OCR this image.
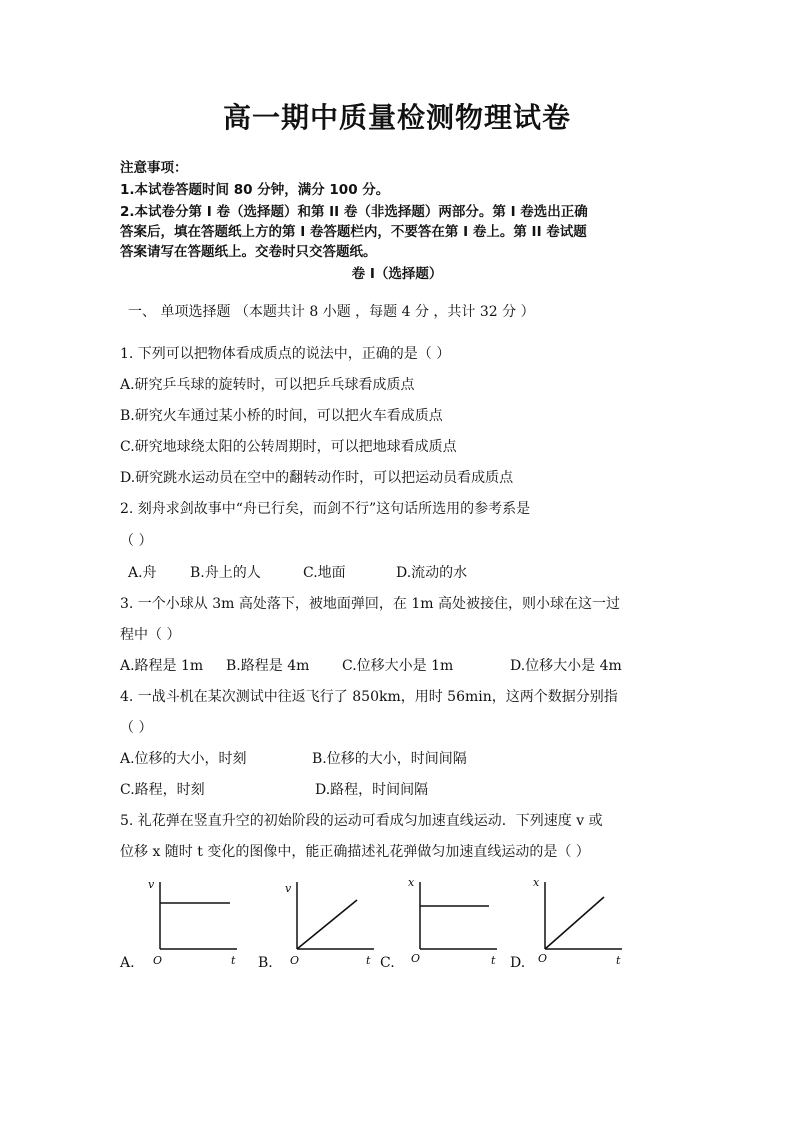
高一期中质量检测物理试卷
注意事项：
1.本试卷答题时间 80 分钟，满分 100 分。
2.本试卷分第 I 卷（选择题）和第 II 卷（非选择题）两部分。第 I 卷选出正确
答案后，填在答题纸上方的第 I 卷答题栏内，不要答在第 I 卷上。第 II 卷试题
答案请写在答题纸上。交卷时只交答题纸。
卷 I（选择题）
一、 单项选择题 （本题共计 8 小题 ，每题 4 分 ，共计 32 分 ）
1. 下列可以把物体看成质点的说法中，正确的是（ ）
A.研究乒乓球的旋转时，可以把乒乓球看成质点
B.研究火车通过某小桥的时间，可以把火车看成质点
C.研究地球绕太阳的公转周期时，可以把地球看成质点
D.研究跳水运动员在空中的翻转动作时，可以把运动员看成质点
2. 刻舟求剑故事中“舟已行矣，而剑不行”这句话所选用的参考系是
（ ）
A.舟 B.舟上的人	C.地面	D.流动的水
3. 一个小球从 3m 高处落下，被地面弹回，在 1m 高处被接住，则小球在这一过
程中（ ）
A.路程是 1m B.路程是 4m C.位移大小是 1m	D.位移大小是 4m
4. 一战斗机在某次测试中往返飞行了 850km，用时 56min，这两个数据分别指
（ ）
A.位移的大小，时刻	B.位移的大小，时间间隔
C.路程，时刻	D.路程，时间间隔
5. 礼花弹在竖直升空的初始阶段的运动可看成匀加速直线运动．下列速度 v 或
位移 x 随时 t 变化的图像中，能正确描述礼花弹做匀加速直线运动的是（ ）
A.	B.	C.	D.
v
O	t
v
O	t
x
O	t
x
O	t
